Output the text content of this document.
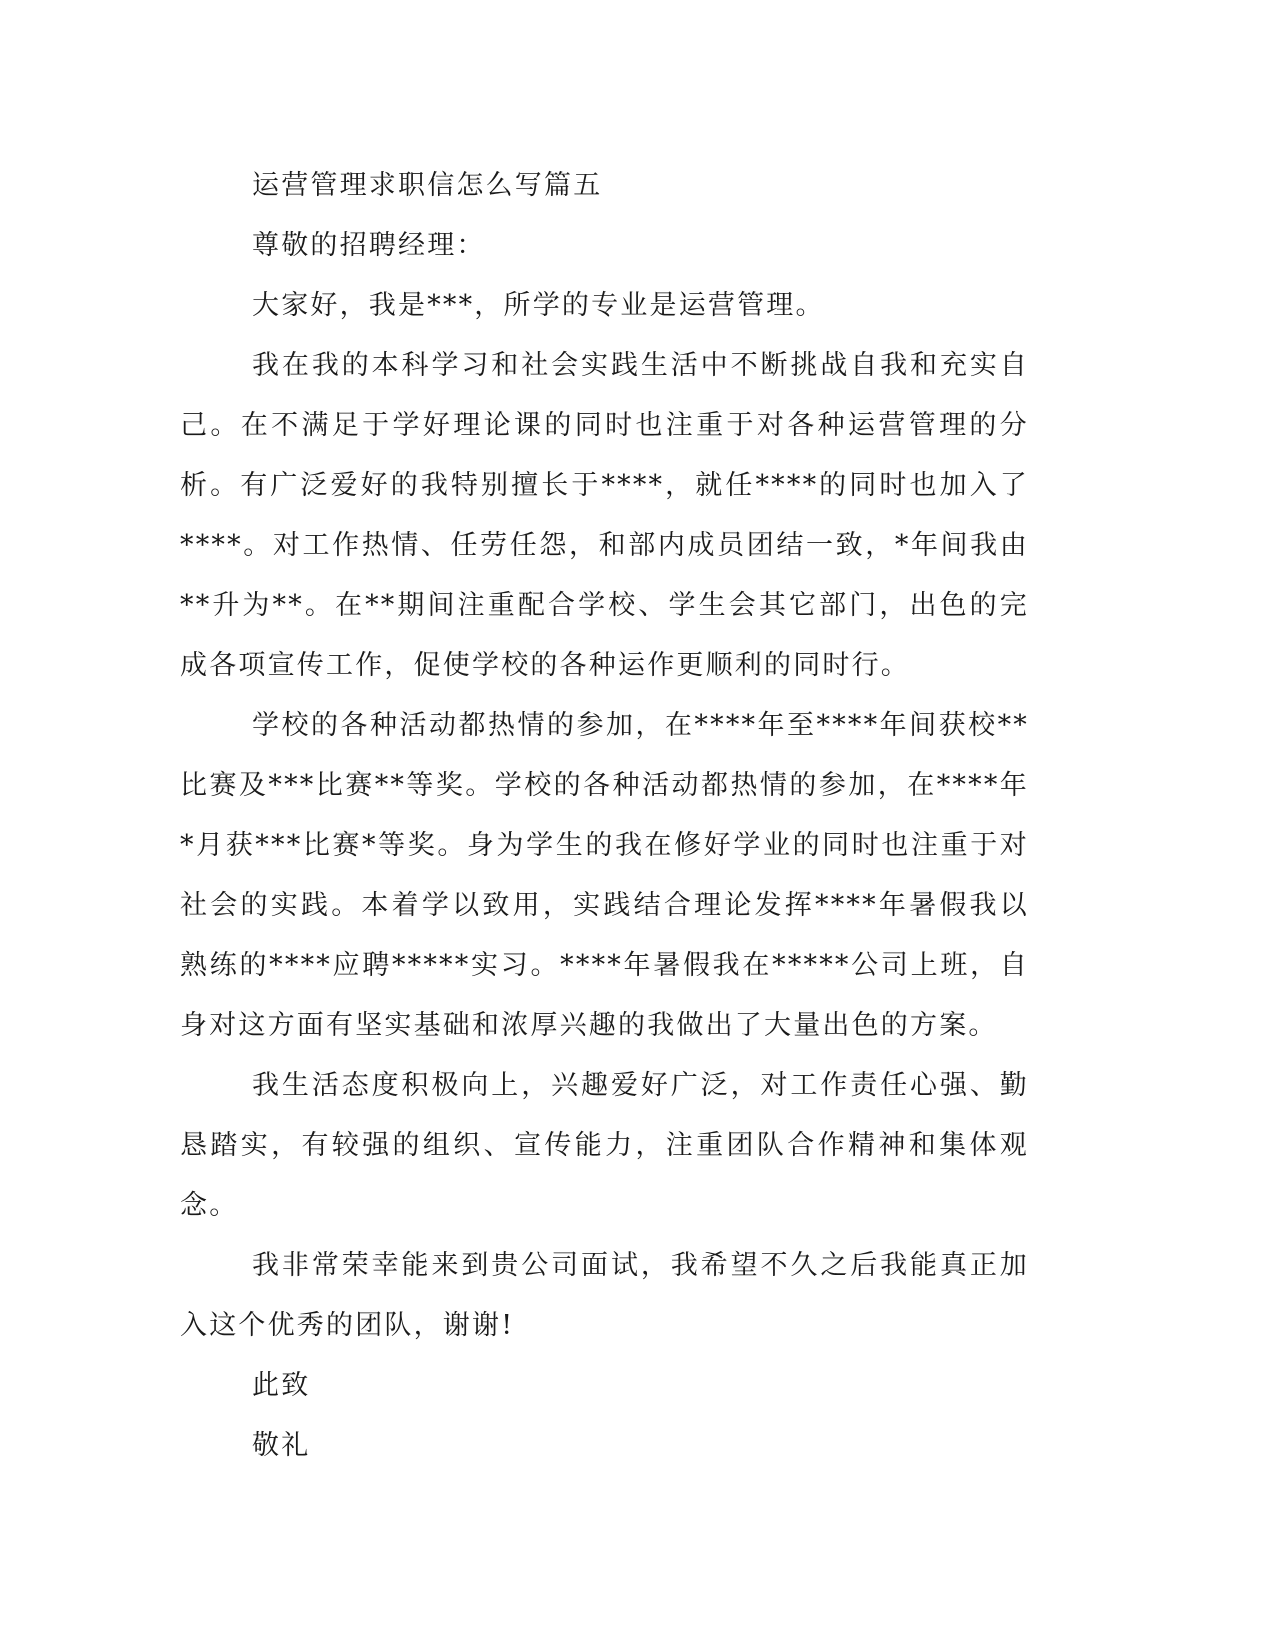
运营管理求职信怎么写篇五

尊敬的招聘经理：

大家好，我是***，所学的专业是运营管理。

我在我的本科学习和社会实践生活中不断挑战自我和充实自己。在不满足于学好理论课的同时也注重于对各种运营管理的分析。有广泛爱好的我特别擅长于****，就任****的同时也加入了****。对工作热情、任劳任怨，和部内成员团结一致，*年间我由**升为**。在**期间注重配合学校、学生会其它部门，出色的完成各项宣传工作，促使学校的各种运作更顺利的同时行。

学校的各种活动都热情的参加，在****年至****年间获校**比赛及***比赛**等奖。学校的各种活动都热情的参加，在****年*月获***比赛*等奖。身为学生的我在修好学业的同时也注重于对社会的实践。本着学以致用，实践结合理论发挥****年暑假我以熟练的****应聘*****实习。****年暑假我在*****公司上班，自身对这方面有坚实基础和浓厚兴趣的我做出了大量出色的方案。

我生活态度积极向上，兴趣爱好广泛，对工作责任心强、勤恳踏实，有较强的组织、宣传能力，注重团队合作精神和集体观念。

我非常荣幸能来到贵公司面试，我希望不久之后我能真正加入这个优秀的团队，谢谢!

此致

敬礼
